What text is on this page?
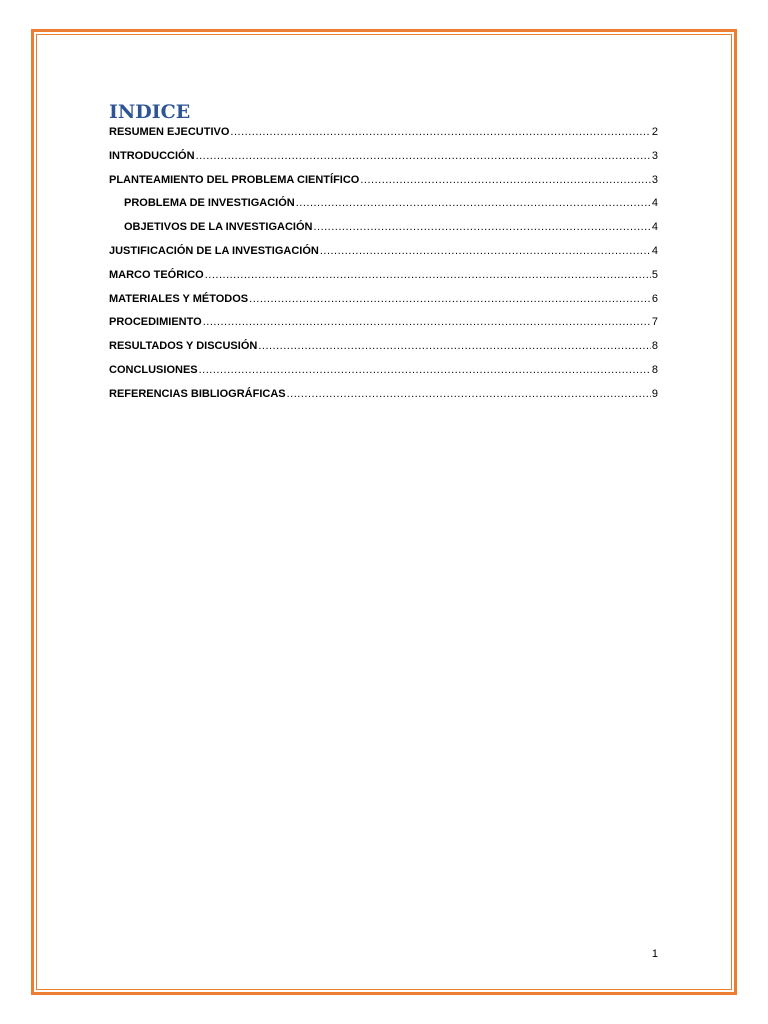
INDICE
RESUMEN EJECUTIVO .....	2
INTRODUCCIÓN .....	3
PLANTEAMIENTO DEL PROBLEMA CIENTÍFICO .....	3
PROBLEMA DE INVESTIGACIÓN .....	4
OBJETIVOS DE LA INVESTIGACIÓN .....	4
JUSTIFICACIÓN DE LA INVESTIGACIÓN .....	4
MARCO TEÓRICO .....	5
MATERIALES Y MÉTODOS .....	6
PROCEDIMIENTO .....	7
RESULTADOS Y DISCUSIÓN .....	8
CONCLUSIONES .....	8
REFERENCIAS BIBLIOGRÁFICAS .....	9
1
